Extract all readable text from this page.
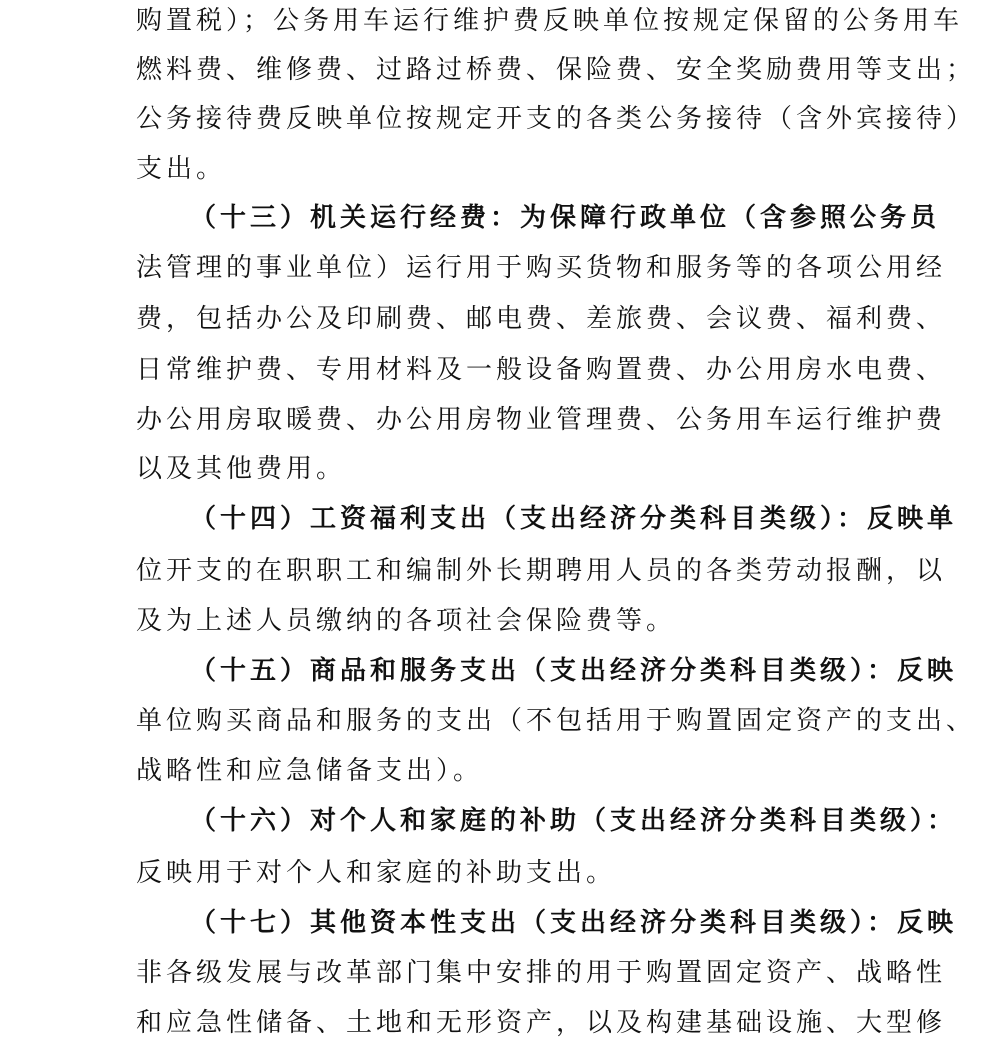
购置税）；公务用车运行维护费反映单位按规定保留的公务用车
燃料费、维修费、过路过桥费、保险费、安全奖励费用等支出；
公务接待费反映单位按规定开支的各类公务接待（含外宾接待）
支出。
（十三）机关运行经费：为保障行政单位（含参照公务员
法管理的事业单位）运行用于购买货物和服务等的各项公用经
费，包括办公及印刷费、邮电费、差旅费、会议费、福利费、
日常维护费、专用材料及一般设备购置费、办公用房水电费、
办公用房取暖费、办公用房物业管理费、公务用车运行维护费
以及其他费用。
（十四）工资福利支出（支出经济分类科目类级）：反映单
位开支的在职职工和编制外长期聘用人员的各类劳动报酬，以
及为上述人员缴纳的各项社会保险费等。
（十五）商品和服务支出（支出经济分类科目类级）：反映
单位购买商品和服务的支出（不包括用于购置固定资产的支出、
战略性和应急储备支出）。
（十六）对个人和家庭的补助（支出经济分类科目类级）：
反映用于对个人和家庭的补助支出。
（十七）其他资本性支出（支出经济分类科目类级）：反映
非各级发展与改革部门集中安排的用于购置固定资产、战略性
和应急性储备、土地和无形资产，以及构建基础设施、大型修
